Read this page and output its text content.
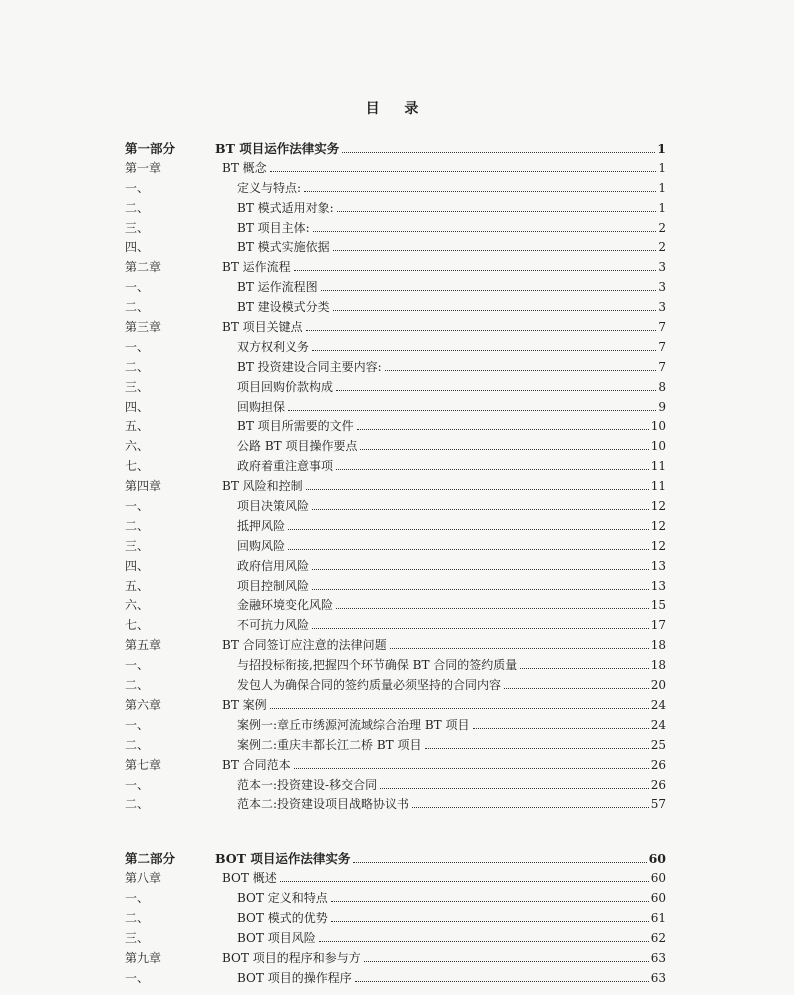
目 录
第一部分	BT 项目运作法律实务	1
第一章	BT 概念	1
一、	定义与特点:	1
二、	BT 模式适用对象:	1
三、	BT 项目主体:	2
四、	BT 模式实施依据	2
第二章	BT 运作流程	3
一、	BT 运作流程图	3
二、	BT 建设模式分类	3
第三章	BT 项目关键点	7
一、	双方权利义务	7
二、	BT 投资建设合同主要内容:	7
三、	项目回购价款构成	8
四、	回购担保	9
五、	BT 项目所需要的文件	10
六、	公路 BT 项目操作要点	10
七、	政府着重注意事项	11
第四章	BT 风险和控制	11
一、	项目决策风险	12
二、	抵押风险	12
三、	回购风险	12
四、	政府信用风险	13
五、	项目控制风险	13
六、	金融环境变化风险	15
七、	不可抗力风险	17
第五章	BT 合同签订应注意的法律问题	18
一、	与招投标衔接,把握四个环节确保 BT 合同的签约质量	18
二、	发包人为确保合同的签约质量必须坚持的合同内容	20
第六章	BT 案例	24
一、	案例一:章丘市绣源河流域综合治理 BT 项目	24
二、	案例二:重庆丰都长江二桥 BT 项目	25
第七章	BT 合同范本	26
一、	范本一:投资建设-移交合同	26
二、	范本二:投资建设项目战略协议书	57
第二部分	BOT 项目运作法律实务	60
第八章	BOT 概述	60
一、	BOT 定义和特点	60
二、	BOT 模式的优势	61
三、	BOT 项目风险	62
第九章	BOT 项目的程序和参与方	63
一、	BOT 项目的操作程序	63
